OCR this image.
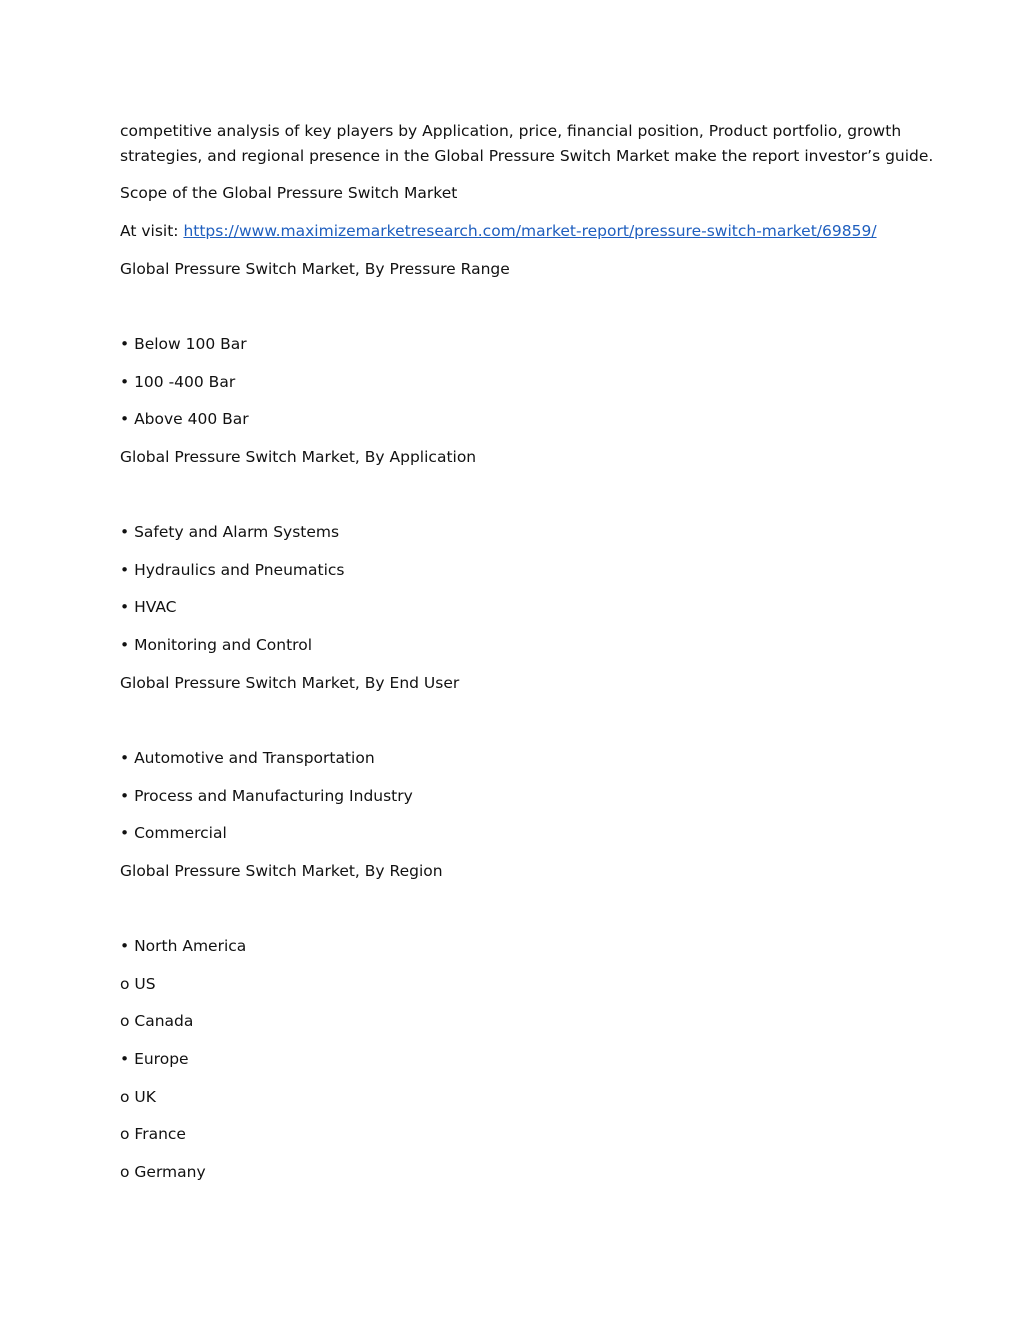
competitive analysis of key players by Application, price, financial position, Product portfolio, growth

strategies, and regional presence in the Global Pressure Switch Market make the report investor’s guide.

Scope of the Global Pressure Switch Market

At visit: https://www.maximizemarketresearch.com/market-report/pressure-switch-market/69859/

Global Pressure Switch Market, By Pressure Range

• Below 100 Bar

• 100 -400 Bar

• Above 400 Bar

Global Pressure Switch Market, By Application

• Safety and Alarm Systems

• Hydraulics and Pneumatics

• HVAC

• Monitoring and Control

Global Pressure Switch Market, By End User

• Automotive and Transportation

• Process and Manufacturing Industry

• Commercial

Global Pressure Switch Market, By Region

• North America

o US

o Canada

• Europe

o UK

o France

o Germany
